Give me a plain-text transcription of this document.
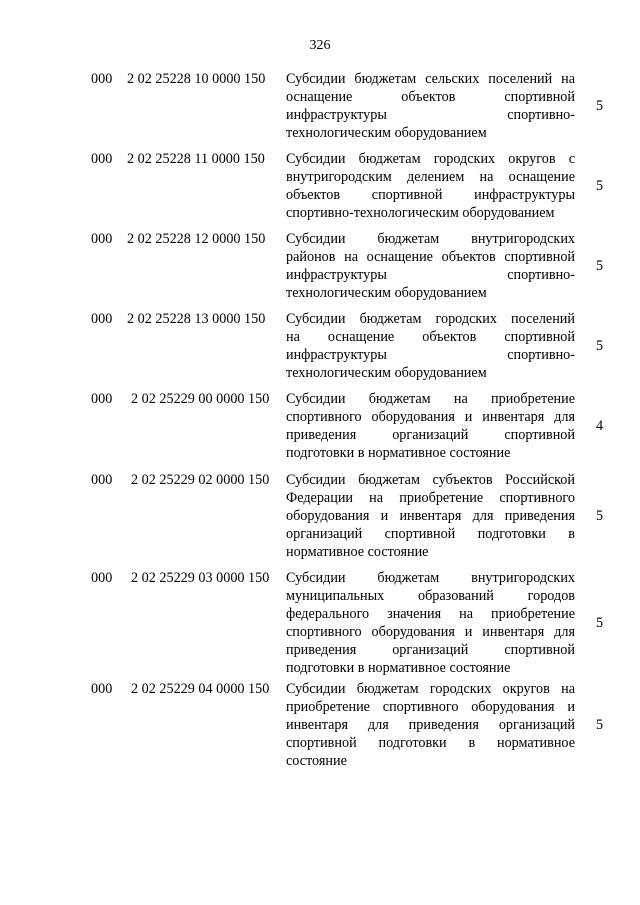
326
000 2 02 25228 10 0000 150 Субсидии бюджетам сельских поселений на
оснащение объектов спортивной
инфраструктуры спортивно-
технологическим оборудованием
5
000 2 02 25228 11 0000 150 Субсидии бюджетам городских округов с
внутригородским делением на оснащение
объектов спортивной инфраструктуры
спортивно-технологическим оборудованием
5
000 2 02 25228 12 0000 150 Субсидии бюджетам внутригородских
районов на оснащение объектов спортивной
инфраструктуры спортивно-
технологическим оборудованием
5
000 2 02 25228 13 0000 150 Субсидии бюджетам городских поселений
на оснащение объектов спортивной
инфраструктуры спортивно-
технологическим оборудованием
5
000 2 02 25229 00 0000 150 Субсидии бюджетам на приобретение
спортивного оборудования и инвентаря для
приведения организаций спортивной
подготовки в нормативное состояние
4
000 2 02 25229 02 0000 150 Субсидии бюджетам субъектов Российской
Федерации на приобретение спортивного
оборудования и инвентаря для приведения
организаций спортивной подготовки в
нормативное состояние
5
000 2 02 25229 03 0000 150 Субсидии бюджетам внутригородских
муниципальных образований городов
федерального значения на приобретение
спортивного оборудования и инвентаря для
приведения организаций спортивной
подготовки в нормативное состояние
5
000 2 02 25229 04 0000 150 Субсидии бюджетам городских округов на
приобретение спортивного оборудования и
инвентаря для приведения организаций
спортивной подготовки в нормативное
состояние
5
